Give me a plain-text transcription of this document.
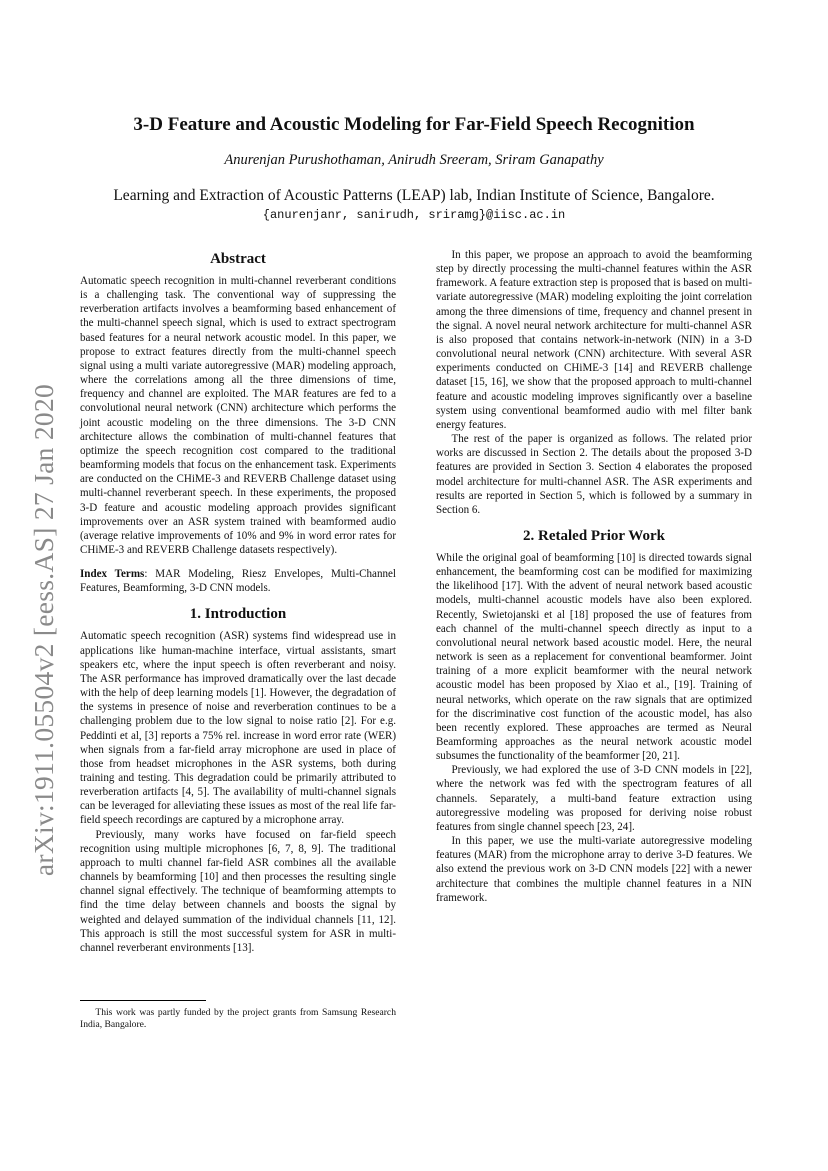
arXiv:1911.05504v2 [eess.AS] 27 Jan 2020
3-D Feature and Acoustic Modeling for Far-Field Speech Recognition
Anurenjan Purushothaman, Anirudh Sreeram, Sriram Ganapathy
Learning and Extraction of Acoustic Patterns (LEAP) lab, Indian Institute of Science, Bangalore.
{anurenjanr, sanirudh, sriramg}@iisc.ac.in
Abstract

Automatic speech recognition in multi-channel reverberant conditions is a challenging task. The conventional way of suppressing the reverberation artifacts involves a beamforming based enhancement of the multi-channel speech signal, which is used to extract spectrogram based features for a neural network acoustic model. In this paper, we propose to extract features directly from the multi-channel speech signal using a multi variate autoregressive (MAR) modeling approach, where the correlations among all the three dimensions of time, frequency and channel are exploited. The MAR features are fed to a convolutional neural network (CNN) architecture which performs the joint acoustic modeling on the three dimensions. The 3-D CNN architecture allows the combination of multi-channel features that optimize the speech recognition cost compared to the traditional beamforming models that focus on the enhancement task. Experiments are conducted on the CHiME-3 and REVERB Challenge dataset using multi-channel reverberant speech. In these experiments, the proposed 3-D feature and acoustic modeling approach provides significant improvements over an ASR system trained with beamformed audio (average relative improvements of 10% and 9% in word error rates for CHiME-3 and REVERB Challenge datasets respectively).

Index Terms: MAR Modeling, Riesz Envelopes, Multi-Channel Features, Beamforming, 3-D CNN models.

1. Introduction

Automatic speech recognition (ASR) systems find widespread use in applications like human-machine interface, virtual assistants, smart speakers etc, where the input speech is often reverberant and noisy. The ASR performance has improved dramatically over the last decade with the help of deep learning models [1]. However, the degradation of the systems in presence of noise and reverberation continues to be a challenging problem due to the low signal to noise ratio [2]. For e.g. Peddinti et al, [3] reports a 75% rel. increase in word error rate (WER) when signals from a far-field array microphone are used in place of those from headset microphones in the ASR systems, both during training and testing. This degradation could be primarily attributed to reverberation artifacts [4, 5]. The availability of multi-channel signals can be leveraged for alleviating these issues as most of the real life far-field speech recordings are captured by a microphone array.

Previously, many works have focused on far-field speech recognition using multiple microphones [6, 7, 8, 9]. The traditional approach to multi channel far-field ASR combines all the available channels by beamforming [10] and then processes the resulting single channel signal effectively. The technique of beamforming attempts to find the time delay between channels and boosts the signal by weighted and delayed summation of the individual channels [11, 12]. This approach is still the most successful system for ASR in multi-channel reverberant environments [13].

In this paper, we propose an approach to avoid the beamforming step by directly processing the multi-channel features within the ASR framework. A feature extraction step is proposed that is based on multi-variate autoregressive (MAR) modeling exploiting the joint correlation among the three dimensions of time, frequency and channel present in the signal. A novel neural network architecture for multi-channel ASR is also proposed that contains network-in-network (NIN) in a 3-D convolutional neural network (CNN) architecture. With several ASR experiments conducted on CHiME-3 [14] and REVERB challenge dataset [15, 16], we show that the proposed approach to multi-channel feature and acoustic modeling improves significantly over a baseline system using conventional beamformed audio with mel filter bank energy features.

The rest of the paper is organized as follows. The related prior works are discussed in Section 2. The details about the proposed 3-D features are provided in Section 3. Section 4 elaborates the proposed model architecture for multi-channel ASR. The ASR experiments and results are reported in Section 5, which is followed by a summary in Section 6.

2. Retaled Prior Work

While the original goal of beamforming [10] is directed towards signal enhancement, the beamforming cost can be modified for maximizing the likelihood [17]. With the advent of neural network based acoustic models, multi-channel acoustic models have also been explored. Recently, Swietojanski et al [18] proposed the use of features from each channel of the multi-channel speech directly as input to a convolutional neural network based acoustic model. Here, the neural network is seen as a replacement for conventional beamformer. Joint training of a more explicit beamformer with the neural network acoustic model has been proposed by Xiao et al., [19]. Training of neural networks, which operate on the raw signals that are optimized for the discriminative cost function of the acoustic model, has also been recently explored. These approaches are termed as Neural Beamforming approaches as the neural network acoustic model subsumes the functionality of the beamformer [20, 21].

Previously, we had explored the use of 3-D CNN models in [22], where the network was fed with the spectrogram features of all channels. Separately, a multi-band feature extraction using autoregressive modeling was proposed for deriving noise robust features from single channel speech [23, 24].

In this paper, we use the multi-variate autoregressive modeling features (MAR) from the microphone array to derive 3-D features. We also extend the previous work on 3-D CNN models [22] with a newer architecture that combines the multiple channel features in a NIN framework.

This work was partly funded by the project grants from Samsung Research India, Bangalore.
